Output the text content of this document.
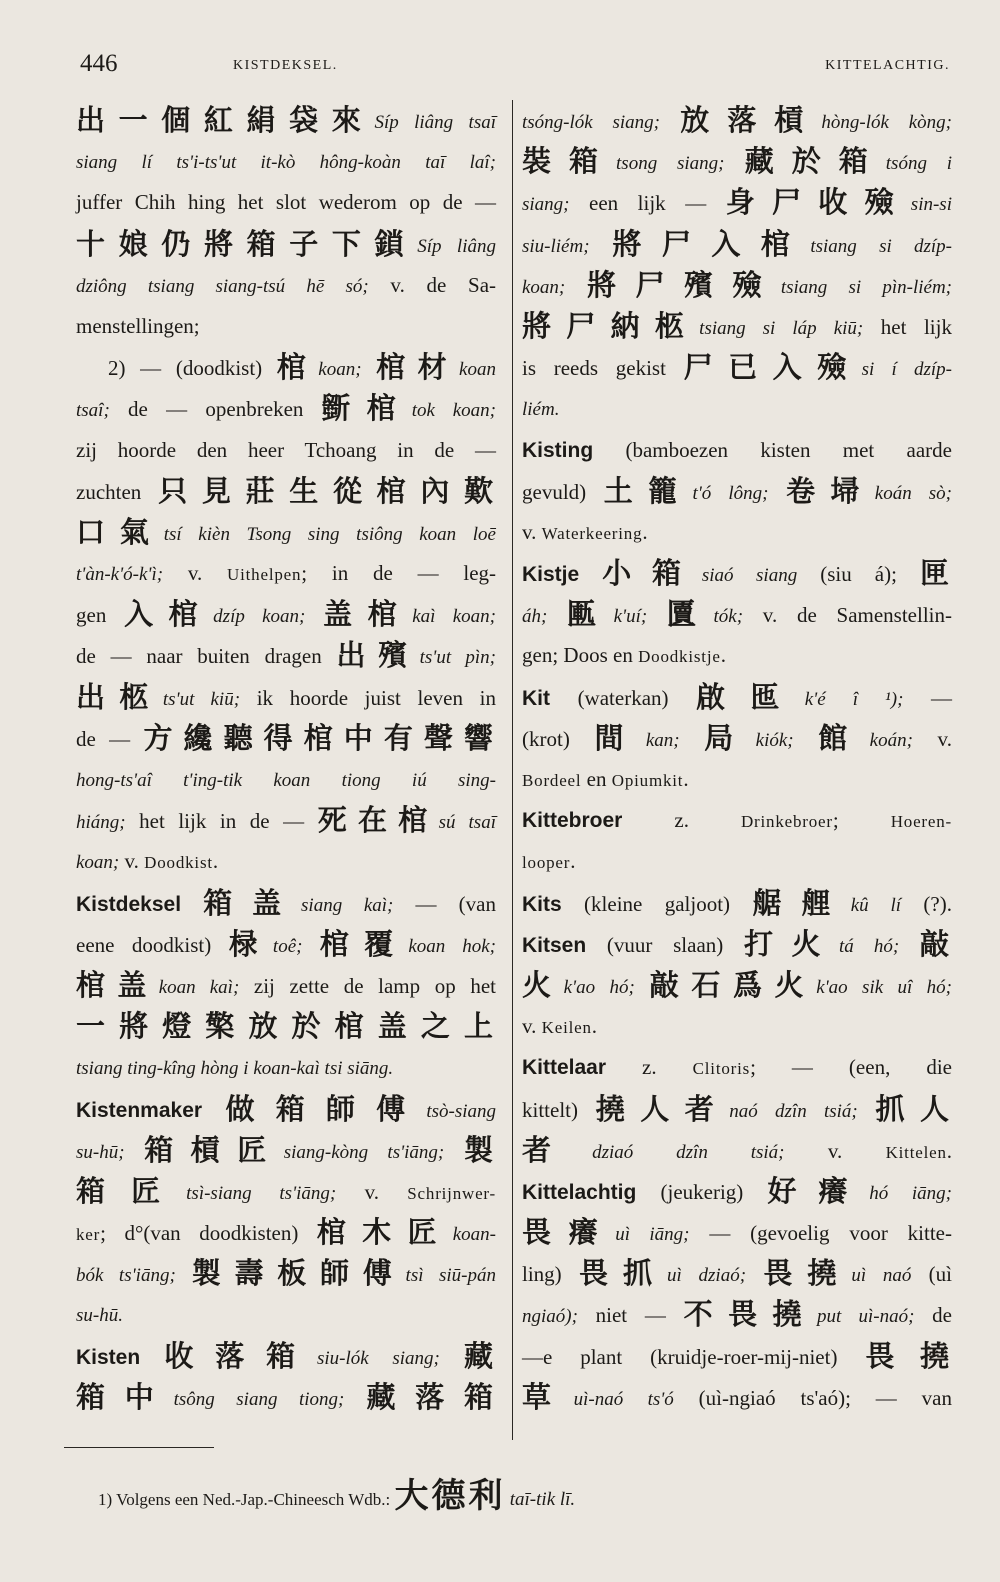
446	KISTDEKSEL.	KITTELACHTIG.
出一個紅絹袋來Síp liâng tsaī
siang lí ts'i-ts'ut it-kò hông-koàn taī laî;
juffer Chih hing het slot wederom op de —
十娘仍將箱子下鎖Síp liâng
dziông tsiang siang-tsú hē só; v. de Sa-
menstellingen;
2) — (doodkist) 棺koan; 棺材koan
tsaî; de — openbreken 斵棺tok koan;
zij hoorde den heer Tchoang in de —
zuchten 只見莊生從棺內歎
口氣tsí kièn Tsong sing tsiông koan loē
t'àn-k'ó-k'ì; v. Uithelpen; in de — leg-
gen 入棺dzíp koan; 盖棺kaì koan;
de — naar buiten dragen 出殯ts'ut pìn;
出柩ts'ut kiū; ik hoorde juist leven in
de — 方纔聽得棺中有聲響
hong-ts'aî t'ing-tik koan tiong iú sing-
hiáng; het lijk in de — 死在棺sú tsaī
koan; v. Doodkist.
Kistdeksel 箱盖siang kaì; — (van
eene doodkist) 椂toê; 棺覆koan hok;
棺盖koan kaì; zij zette de lamp op het
一將燈檠放於棺盖之上
tsiang ting-kîng hòng i koan-kaì tsi siāng.
Kistenmaker 做箱師傅tsò-siang
su-hū; 箱槓匠siang-kòng ts'iāng; 製
箱匠tsì-siang ts'iāng; v. Schrijnwer-
ker; d°(van doodkisten) 棺木匠koan-
bók ts'iāng; 製壽板師傅tsì siū-pán
su-hū.
Kisten 收落箱siu-lók siang; 藏
箱中tsông siang tiong; 藏落箱
tsóng-lók siang; 放落槓hòng-lók kòng;
裝箱tsong siang; 藏於箱tsóng i
siang; een lijk — 身尸收殮sin-si
siu-liém; 將尸入棺tsiang si dzíp-
koan; 將尸殯殮tsiang si pìn-liém;
將尸納柩tsiang si láp kiū; het lijk
is reeds gekist 尸已入殮si í dzíp-
liém.
Kisting (bamboezen kisten met aarde
gevuld) 土籠t'ó lông; 卷埽koán sò;
v. Waterkeering.
Kistje 小箱siaó siang (siu á); 匣
áh; 匭k'uí; 匵tók; v. de Samenstellin-
gen; Doos en Doodkistje.
Kit (waterkan) 啟匜k'é î ¹); —
(krot) 間kan; 局kiók; 館koán; v.
Bordeel en Opiumkit.
Kittebroer z. Drinkebroer; Hoeren-
looper.
Kits (kleine galjoot) 艍艃kû lí (?).
Kitsen (vuur slaan) 打火tá hó; 敲
火k'ao hó; 敲石爲火k'ao sik uî hó;
v. Keilen.
Kittelaar z. Clitoris; — (een, die
kittelt) 撓人者naó dzîn tsiá; 抓人
者dziaó dzîn tsiá; v. Kittelen.
Kittelachtig (jeukerig) 好癢hó iāng;
畏癢uì iāng; — (gevoelig voor kitte-
ling) 畏抓uì dziaó; 畏撓uì naó (uì
ngiaó); niet — 不畏撓put uì-naó; de
—e plant (kruidje-roer-mij-niet) 畏撓
草uì-naó ts'ó (uì-ngiaó ts'aó); — van
1) Volgens een Ned.-Jap.-Chineesch Wdb.: 大德利 taī-tik lī.
